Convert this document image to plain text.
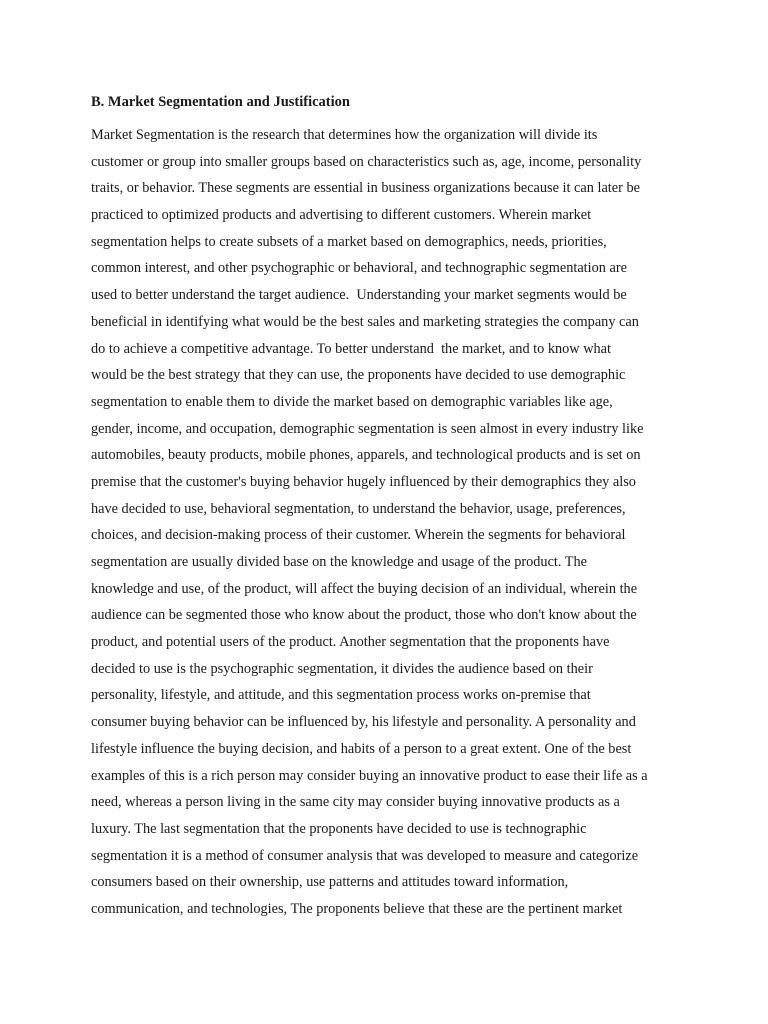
B. Market Segmentation and Justification
Market Segmentation is the research that determines how the organization will divide its
customer or group into smaller groups based on characteristics such as, age, income, personality
traits, or behavior. These segments are essential in business organizations because it can later be
practiced to optimized products and advertising to different customers. Wherein market
segmentation helps to create subsets of a market based on demographics, needs, priorities,
common interest, and other psychographic or behavioral, and technographic segmentation are
used to better understand the target audience.  Understanding your market segments would be
beneficial in identifying what would be the best sales and marketing strategies the company can
do to achieve a competitive advantage. To better understand  the market, and to know what
would be the best strategy that they can use, the proponents have decided to use demographic
segmentation to enable them to divide the market based on demographic variables like age,
gender, income, and occupation, demographic segmentation is seen almost in every industry like
automobiles, beauty products, mobile phones, apparels, and technological products and is set on
premise that the customer's buying behavior hugely influenced by their demographics they also
have decided to use, behavioral segmentation, to understand the behavior, usage, preferences,
choices, and decision-making process of their customer. Wherein the segments for behavioral
segmentation are usually divided base on the knowledge and usage of the product. The
knowledge and use, of the product, will affect the buying decision of an individual, wherein the
audience can be segmented those who know about the product, those who don't know about the
product, and potential users of the product. Another segmentation that the proponents have
decided to use is the psychographic segmentation, it divides the audience based on their
personality, lifestyle, and attitude, and this segmentation process works on-premise that
consumer buying behavior can be influenced by, his lifestyle and personality. A personality and
lifestyle influence the buying decision, and habits of a person to a great extent. One of the best
examples of this is a rich person may consider buying an innovative product to ease their life as a
need, whereas a person living in the same city may consider buying innovative products as a
luxury. The last segmentation that the proponents have decided to use is technographic
segmentation it is a method of consumer analysis that was developed to measure and categorize
consumers based on their ownership, use patterns and attitudes toward information,
communication, and technologies, The proponents believe that these are the pertinent market
